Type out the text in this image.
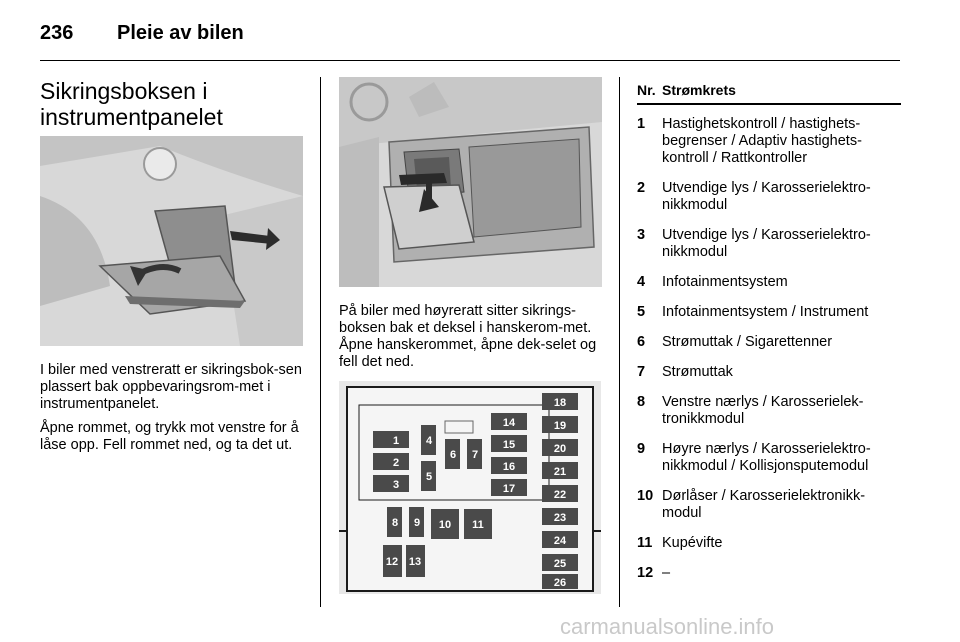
236 Pleie av bilen
Sikringsboksen i instrumentpanelet

I biler med venstreratt er sikringsbok-sen plassert bak oppbevaringsrom-met i instrumentpanelet.

Åpne rommet, og trykk mot venstre for å låse opp. Fell rommet ned, og ta det ut.

På biler med høyreratt sitter sikrings-boksen bak et deksel i hanskerom-met. Åpne hanskerommet, åpne dek-selet og fell det ned.

1
2
3
4
5
6 7
8 9 10 11
12 13
14
15
16
17
18
19
20
21
22
23
24
25
26
Nr.	Strømkrets
1	Hastighetskontroll / hastighets-begrenser / Adaptiv hastighets-kontroll / Rattkontroller
2	Utvendige lys / Karosserielektro-nikkmodul
3	Utvendige lys / Karosserielektro-nikkmodul
4	Infotainmentsystem
5	Infotainmentsystem / Instrument
6	Strømuttak / Sigarettenner
7	Strømuttak
8	Venstre nærlys / Karosserielek-tronikkmodul
9	Høyre nærlys / Karosserielektro-nikkmodul / Kollisjonsputemodul
10	Dørlåser / Karosserielektronikk-modul
11	Kupévifte
12	–
carmanualsonline.info
